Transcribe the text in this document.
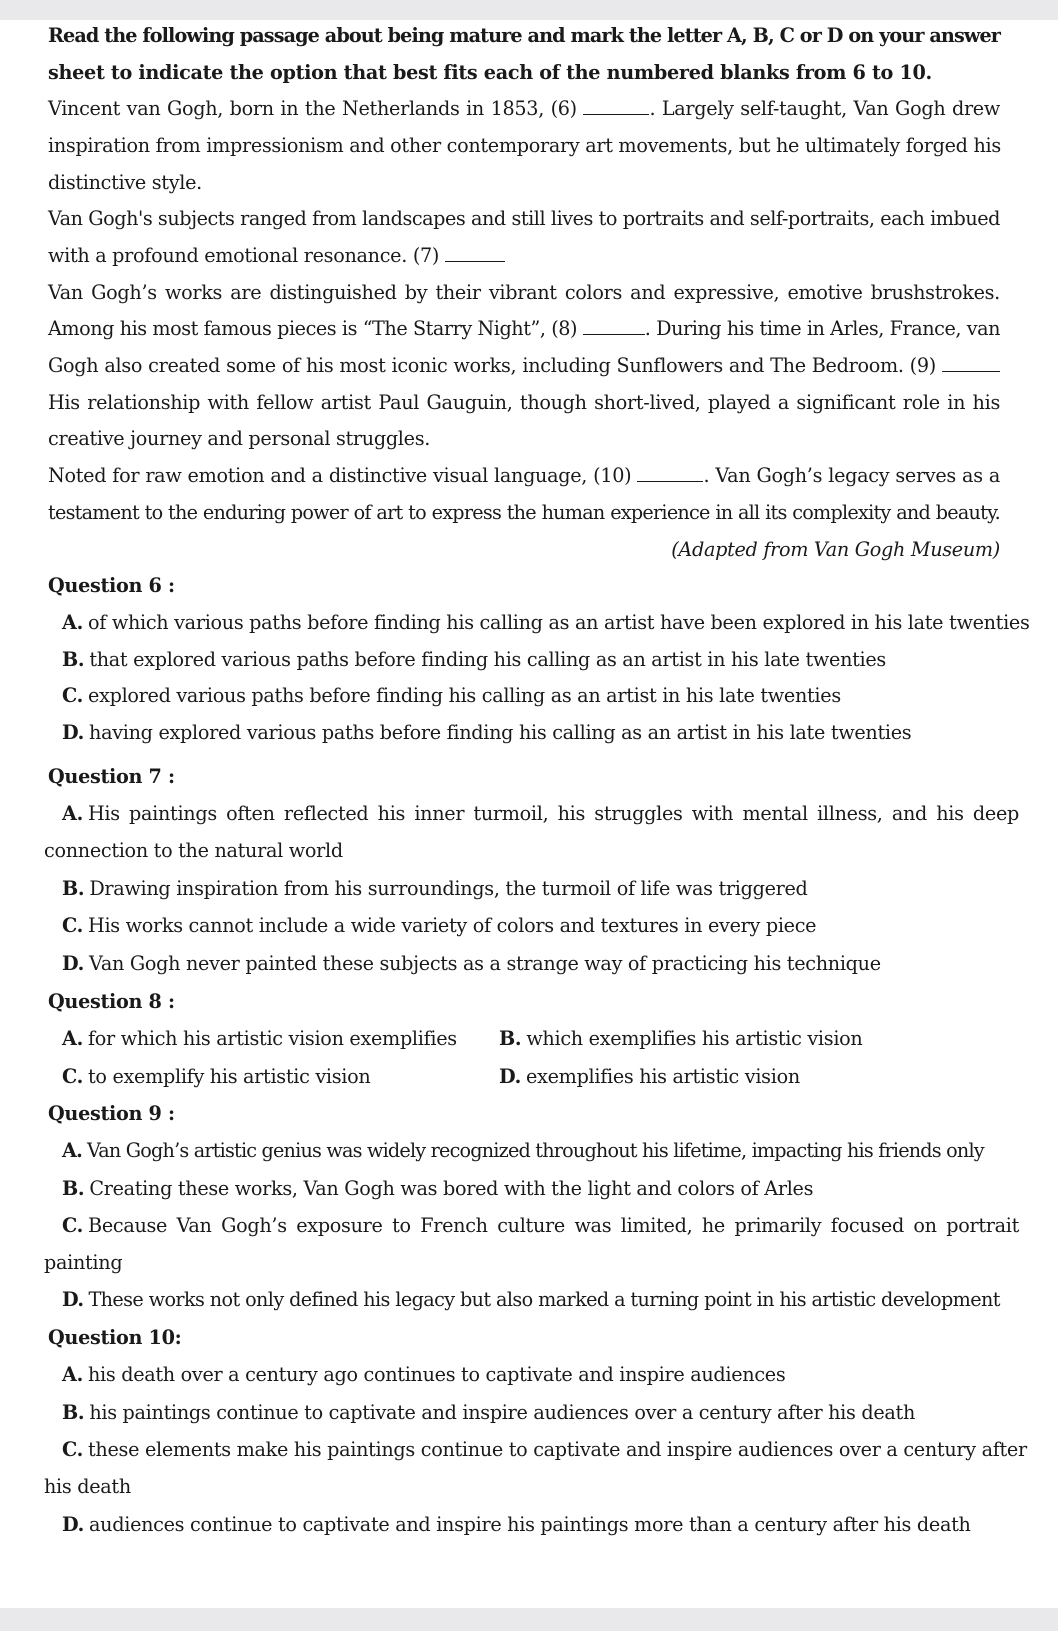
Read the following passage about being mature and mark the letter A, B, C or D on your answer
sheet to indicate the option that best fits each of the numbered blanks from 6 to 10.
Vincent van Gogh, born in the Netherlands in 1853, (6)	. Largely self-taught, Van Gogh drew
inspiration from impressionism and other contemporary art movements, but he ultimately forged his
distinctive style.
Van Gogh's subjects ranged from landscapes and still lives to portraits and self-portraits, each imbued
with a profound emotional resonance. (7)
Van Gogh’s works are distinguished by their vibrant colors and expressive, emotive brushstrokes.
Among his most famous pieces is “The Starry Night”, (8)	. During his time in Arles, France, van
Gogh also created some of his most iconic works, including Sunflowers and The Bedroom. (9)
His relationship with fellow artist Paul Gauguin, though short-lived, played a significant role in his
creative journey and personal struggles.
Noted for raw emotion and a distinctive visual language, (10)	. Van Gogh’s legacy serves as a
testament to the enduring power of art to express the human experience in all its complexity and beauty.
(Adapted from Van Gogh Museum)
Question 6 :
A. of which various paths before finding his calling as an artist have been explored in his late twenties
B. that explored various paths before finding his calling as an artist in his late twenties
C. explored various paths before finding his calling as an artist in his late twenties
D. having explored various paths before finding his calling as an artist in his late twenties
Question 7 :
A. His paintings often reflected his inner turmoil, his struggles with mental illness, and his deep
connection to the natural world
B. Drawing inspiration from his surroundings, the turmoil of life was triggered
C. His works cannot include a wide variety of colors and textures in every piece
D. Van Gogh never painted these subjects as a strange way of practicing his technique
Question 8 :
A. for which his artistic vision exemplifies B. which exemplifies his artistic vision
C. to exemplify his artistic vision	D. exemplifies his artistic vision
Question 9 :
A. Van Gogh’s artistic genius was widely recognized throughout his lifetime, impacting his friends only
B. Creating these works, Van Gogh was bored with the light and colors of Arles
C. Because Van Gogh’s exposure to French culture was limited, he primarily focused on portrait
painting
D. These works not only defined his legacy but also marked a turning point in his artistic development
Question 10:
A. his death over a century ago continues to captivate and inspire audiences
B. his paintings continue to captivate and inspire audiences over a century after his death
C. these elements make his paintings continue to captivate and inspire audiences over a century after
his death
D. audiences continue to captivate and inspire his paintings more than a century after his death
